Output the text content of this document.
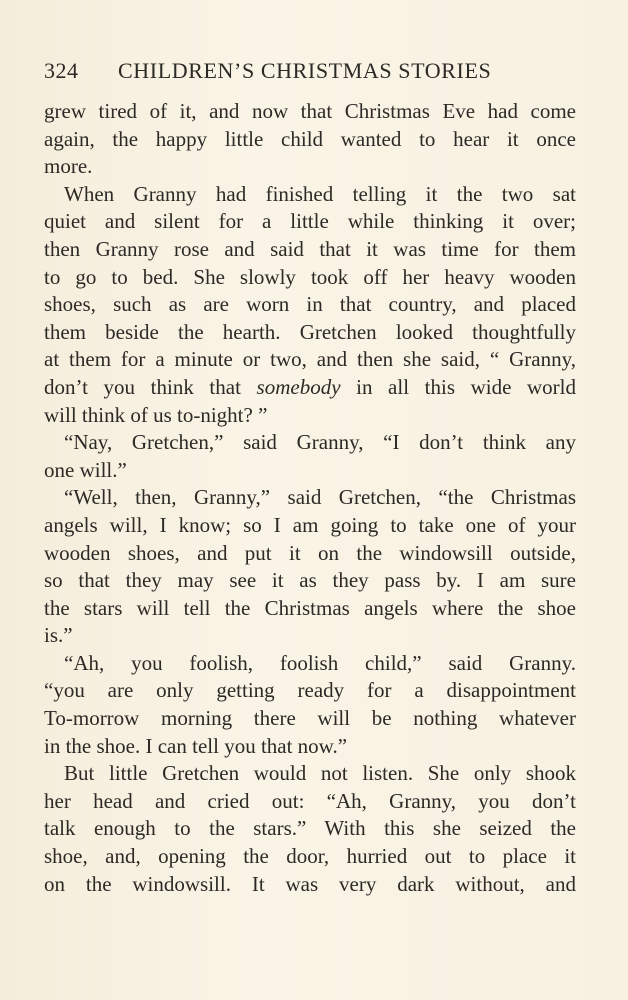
324 CHILDREN’S CHRISTMAS STORIES
grew tired of it, and now that Christmas Eve had come
again, the happy little child wanted to hear it once
more.
When Granny had finished telling it the two sat
quiet and silent for a little while thinking it over;
then Granny rose and said that it was time for them
to go to bed. She slowly took off her heavy wooden
shoes, such as are worn in that country, and placed
them beside the hearth. Gretchen looked thoughtfully
at them for a minute or two, and then she said, “ Granny,
don’t you think that somebody in all this wide world
will think of us to-night? ”
“Nay, Gretchen,” said Granny, “I don’t think any
one will.”
“Well, then, Granny,” said Gretchen, “the Christmas
angels will, I know; so I am going to take one of your
wooden shoes, and put it on the windowsill outside,
so that they may see it as they pass by. I am sure
the stars will tell the Christmas angels where the shoe
is.”
“Ah, you foolish, foolish child,” said Granny.
“you are only getting ready for a disappointment
To-morrow morning there will be nothing whatever
in the shoe. I can tell you that now.”
But little Gretchen would not listen. She only shook
her head and cried out: “Ah, Granny, you don’t
talk enough to the stars.” With this she seized the
shoe, and, opening the door, hurried out to place it
on the windowsill. It was very dark without, and
